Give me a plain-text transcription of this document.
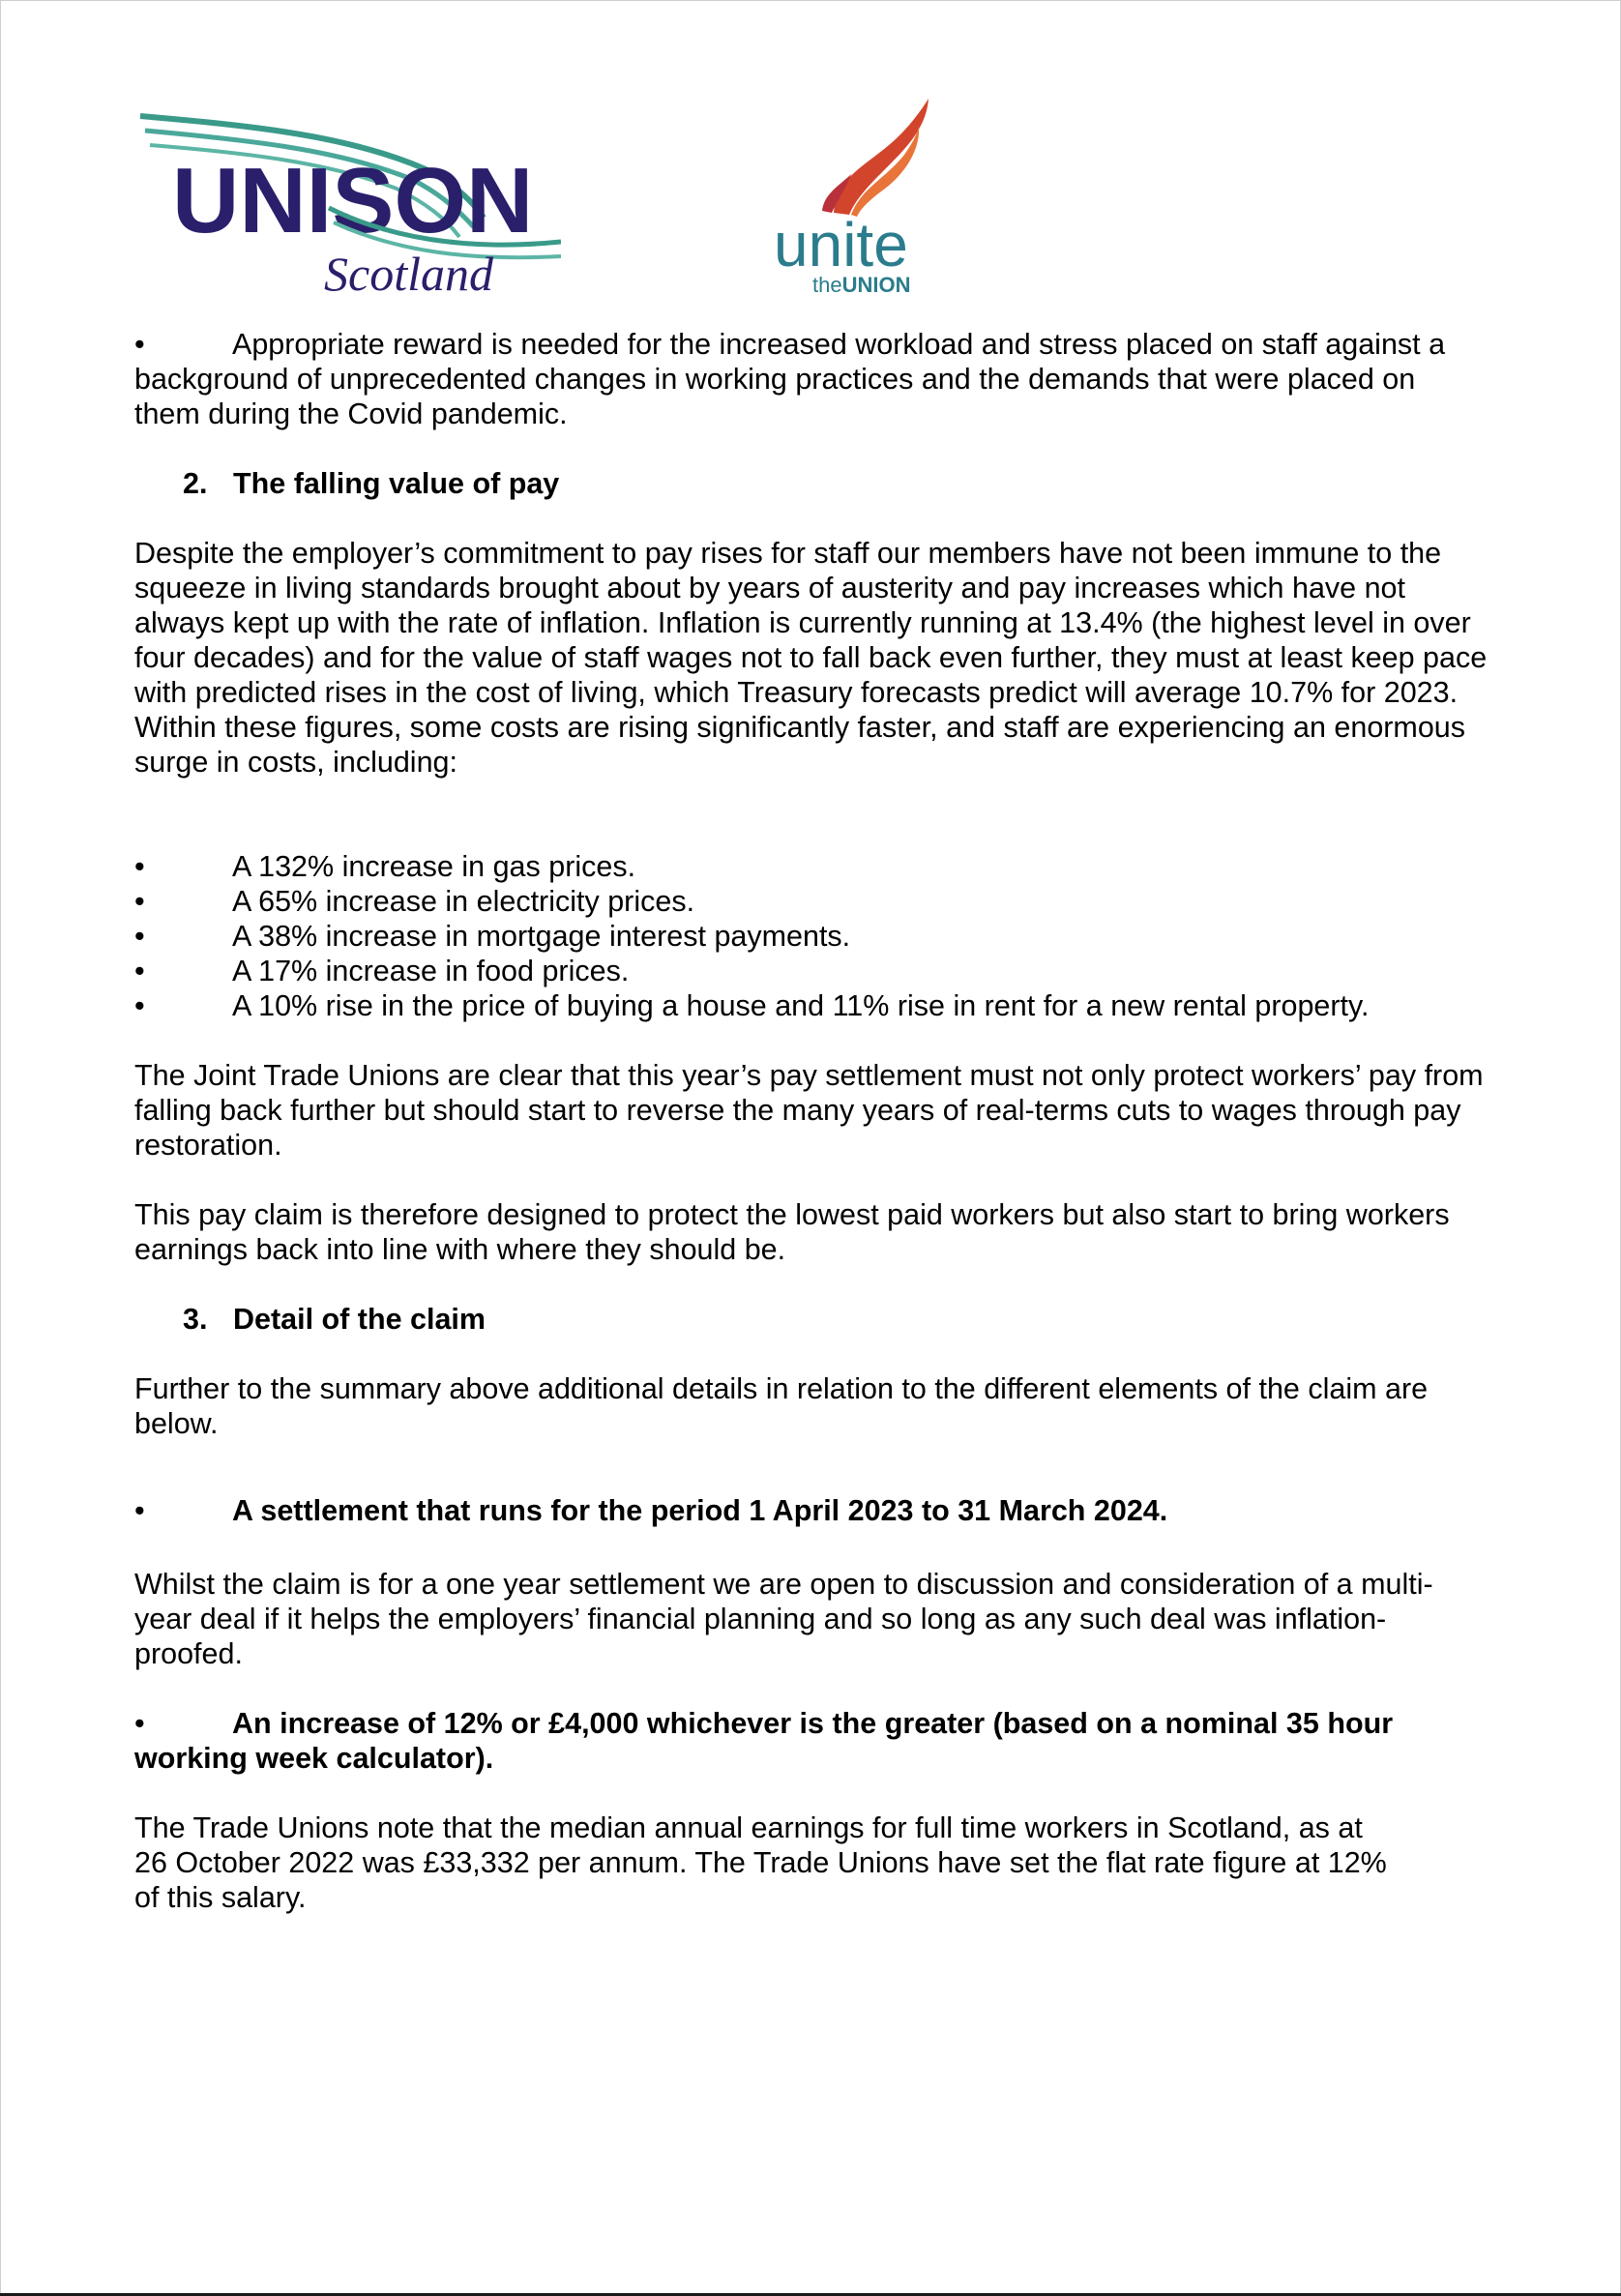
UNISON
Scotland	unite
theUNION

•	Appropriate reward is needed for the increased workload and stress placed on staff against a background of unprecedented changes in working practices and the demands that were placed on them during the Covid pandemic.

2. The falling value of pay

Despite the employer’s commitment to pay rises for staff our members have not been immune to the squeeze in living standards brought about by years of austerity and pay increases which have not always kept up with the rate of inflation. Inflation is currently running at 13.4% (the highest level in over four decades) and for the value of staff wages not to fall back even further, they must at least keep pace with predicted rises in the cost of living, which Treasury forecasts predict will average 10.7% for 2023. Within these figures, some costs are rising significantly faster, and staff are experiencing an enormous surge in costs, including:

•	A 132% increase in gas prices.
•	A 65% increase in electricity prices.
•	A 38% increase in mortgage interest payments.
•	A 17% increase in food prices.
•	A 10% rise in the price of buying a house and 11% rise in rent for a new rental property.

The Joint Trade Unions are clear that this year’s pay settlement must not only protect workers’ pay from falling back further but should start to reverse the many years of real-terms cuts to wages through pay restoration.

This pay claim is therefore designed to protect the lowest paid workers but also start to bring workers earnings back into line with where they should be.

3. Detail of the claim

Further to the summary above additional details in relation to the different elements of the claim are below.

•	A settlement that runs for the period 1 April 2023 to 31 March 2024.

Whilst the claim is for a one year settlement we are open to discussion and consideration of a multi-year deal if it helps the employers’ financial planning and so long as any such deal was inflation-proofed.

•	An increase of 12% or £4,000 whichever is the greater (based on a nominal 35 hour working week calculator).

The Trade Unions note that the median annual earnings for full time workers in Scotland, as at 26 October 2022 was £33,332 per annum. The Trade Unions have set the flat rate figure at 12% of this salary.
